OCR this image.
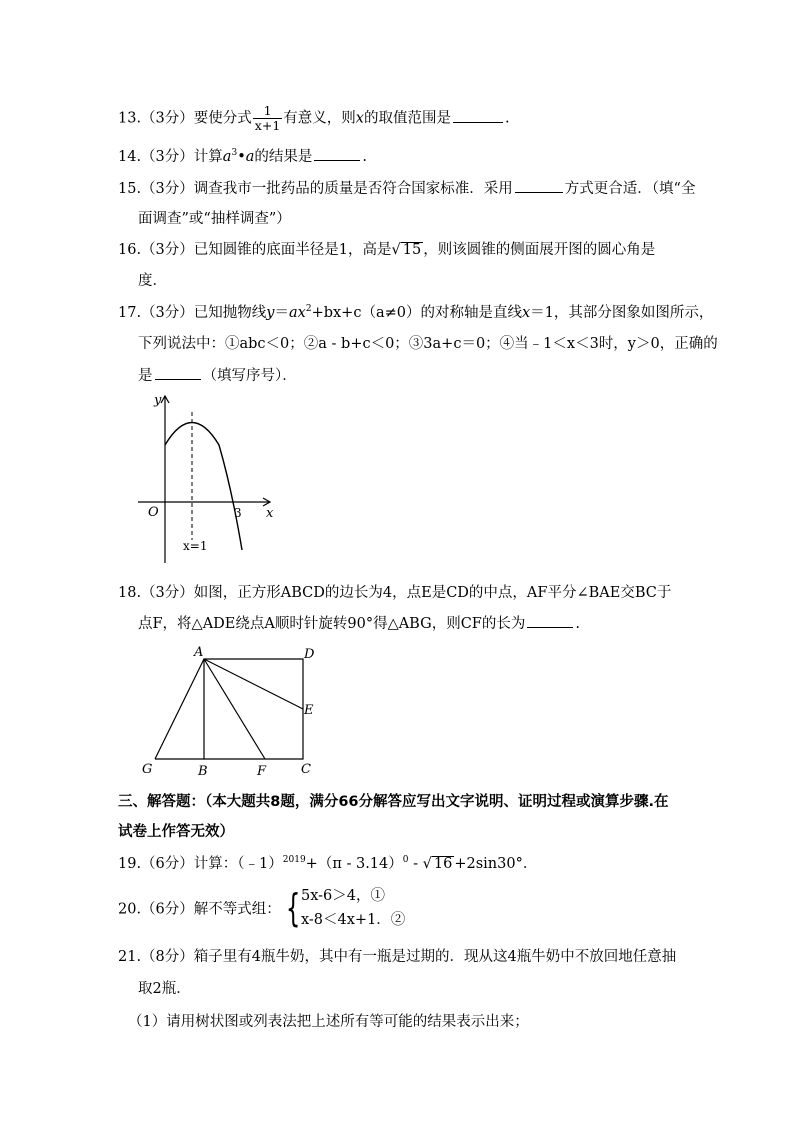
13.（3分）要使分式 $\frac{1}{x+1}$ 有意义，则x的取值范围是	.
14.（3分）计算$a^3•a$的结果是	.
15.（3分）调查我市一批药品的质量是否符合国家标准．采用	方式更合适．（填“全
面调查”或“抽样调查”）
16.（3分）已知圆锥的底面半径是1，高是√ 15 ，则该圆锥的侧面展开图的圆心角是
度．
17.（3分）已知抛物线$y=ax^2+bx+c(a\ne 0)$的对称轴是直线x＝1，其部分图象如图所示，
下列说法中：①abc＜0；②a - b+c＜0；③3a+c＝0；④当﹣1＜x＜3时，y＞0，正确的
是	（填写序号）．
y
x
O	3
x=1
18.（3分）如图，正方形ABCD的边长为4，点E是CD的中点，AF平分∠BAE交BC于
点F，将△ADE绕点A顺时针旋转90°得△ABG，则CF的长为	.
A	D
E
C
F
B
G
三、解答题：（本大题共8题，满分66分解答应写出文字说明、证明过程或演算步骤.在
试卷上作答无效）
19.（6分）计算：（﹣1）$^{2019}$+（π - 3.14）$^0$ - √ 16 +2sin30°．
20.（6分）解不等式组： { 5x-6＞4，①
x-8＜4x+1．②
21.（8分）箱子里有4瓶牛奶，其中有一瓶是过期的．现从这4瓶牛奶中不放回地任意抽
取2瓶．
（1）请用树状图或列表法把上述所有等可能的结果表示出来；
